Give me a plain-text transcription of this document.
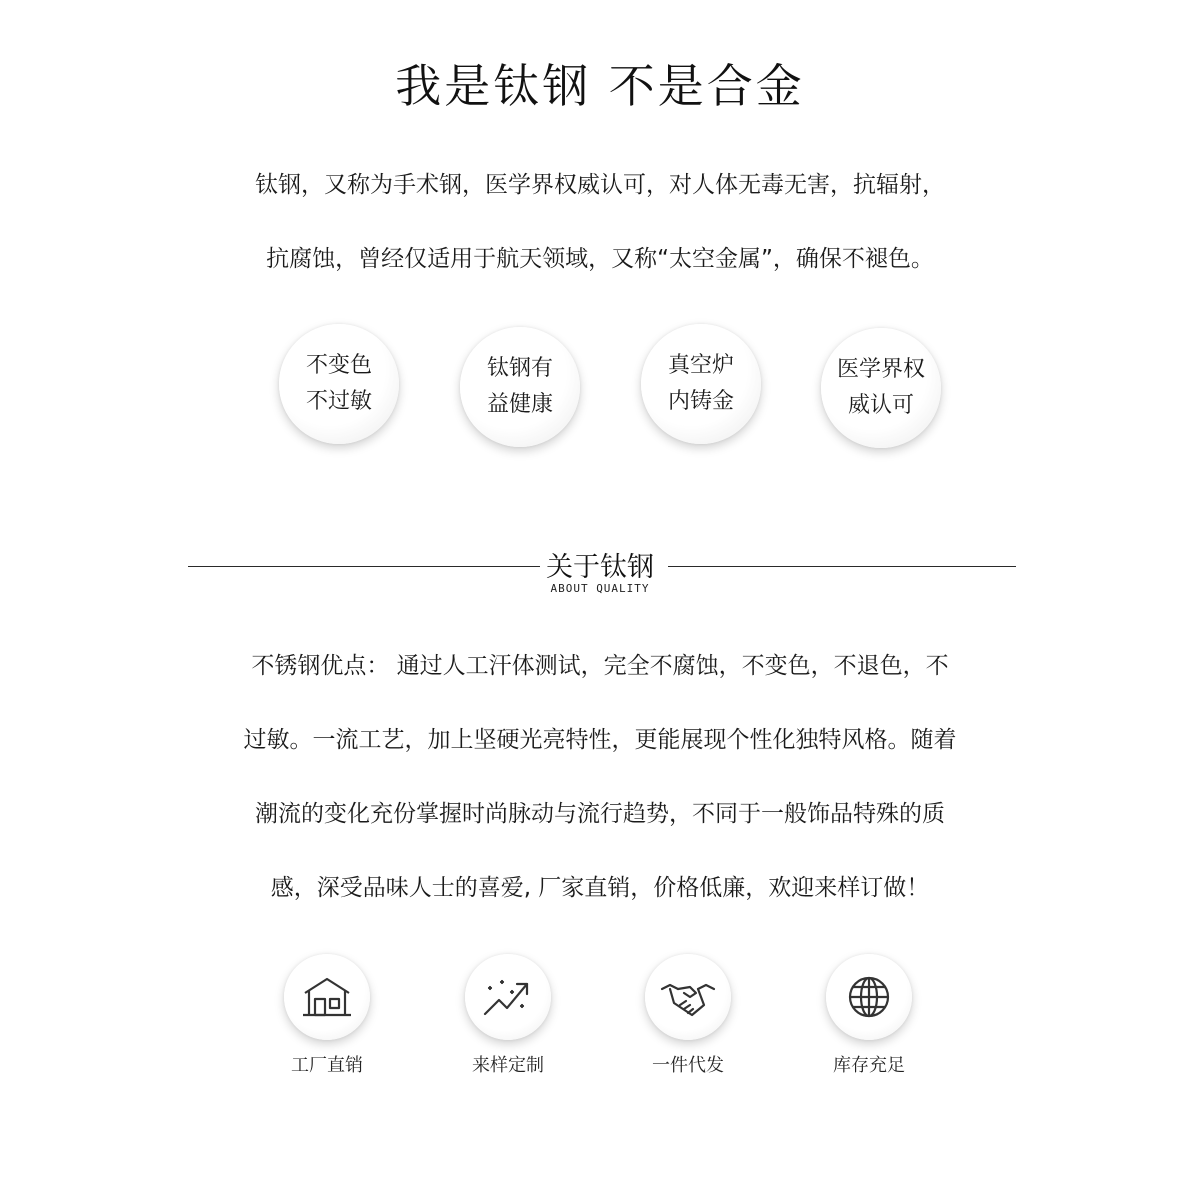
我是钛钢 不是合金
钛钢，又称为手术钢，医学界权威认可，对人体无毒无害，抗辐射，
抗腐蚀，曾经仅适用于航天领域，又称“太空金属”，确保不褪色。
不变色
不过敏
钛钢有
益健康
真空炉
内铸金
医学界权
威认可
关于钛钢
ABOUT QUALITY
不锈钢优点： 通过人工汗体测试，完全不腐蚀，不变色，不退色，不
过敏。一流工艺，加上坚硬光亮特性，更能展现个性化独特风格。随着
潮流的变化充份掌握时尚脉动与流行趋势，不同于一般饰品特殊的质
感，深受品味人士的喜爱, 厂家直销，价格低廉，欢迎来样订做！
工厂直销	来样定制	一件代发	库存充足
